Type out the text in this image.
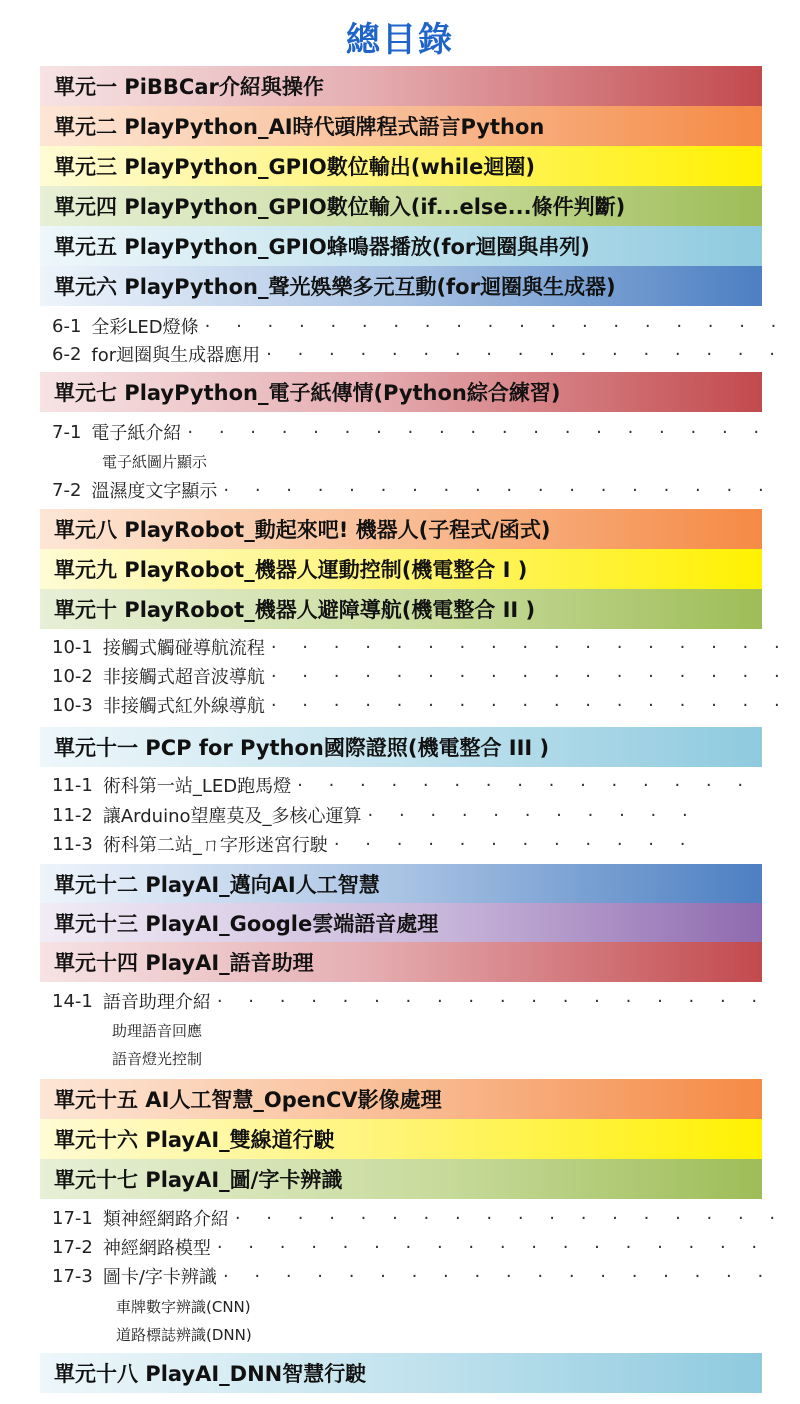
總目錄
單元一 PiBBCar介紹與操作
單元二 PlayPython_AI時代頭牌程式語言Python
單元三 PlayPython_GPIO數位輸出(while迴圈)
單元四 PlayPython_GPIO數位輸入(if...else...條件判斷)
單元五 PlayPython_GPIO蜂鳴器播放(for迴圈與串列)
單元六 PlayPython_聲光娛樂多元互動(for迴圈與生成器)
6-1 全彩LED燈條 · · · · · · · · · · · · · · · · · · ·
6-2 for迴圈與生成器應用 · · · · · · · · · · · · · · · · ·
單元七 PlayPython_電子紙傳情(Python綜合練習)
7-1 電子紙介紹 · · · · · · · · · · · · · · · · · · ·
電子紙圖片顯示
7-2 溫濕度文字顯示 · · · · · · · · · · · · · · · · · ·
單元八 PlayRobot_動起來吧! 機器人(子程式/函式)
單元九 PlayRobot_機器人運動控制(機電整合 I )
單元十 PlayRobot_機器人避障導航(機電整合 II )
10-1 接觸式觸碰導航流程 · · · · · · · · · · · · · · · · ·
10-2 非接觸式超音波導航 · · · · · · · · · · · · · · · · ·
10-3 非接觸式紅外線導航 · · · · · · · · · · · · · · · · ·
單元十一 PCP for Python國際證照(機電整合 III )
11-1 術科第一站_LED跑馬燈 · · · · · · · · · · · · · · ·
11-2 讓Arduino望塵莫及_多核心運算 · · · · · · · · · · ·
11-3 術科第二站_ㄇ字形迷宮行駛 · · · · · · · · · · · ·
單元十二 PlayAI_邁向AI人工智慧
單元十三 PlayAI_Google雲端語音處理
單元十四 PlayAI_語音助理
14-1 語音助理介紹 · · · · · · · · · · · · · · · · · ·
助理語音回應
語音燈光控制
單元十五 AI人工智慧_OpenCV影像處理
單元十六 PlayAI_雙線道行駛
單元十七 PlayAI_圖/字卡辨識
17-1 類神經網路介紹 · · · · · · · · · · · · · · · · · ·
17-2 神經網路模型 · · · · · · · · · · · · · · · · · ·
17-3 圖卡/字卡辨識 · · · · · · · · · · · · · · · · · ·
車牌數字辨識(CNN)
道路標誌辨識(DNN)
單元十八 PlayAI_DNN智慧行駛
